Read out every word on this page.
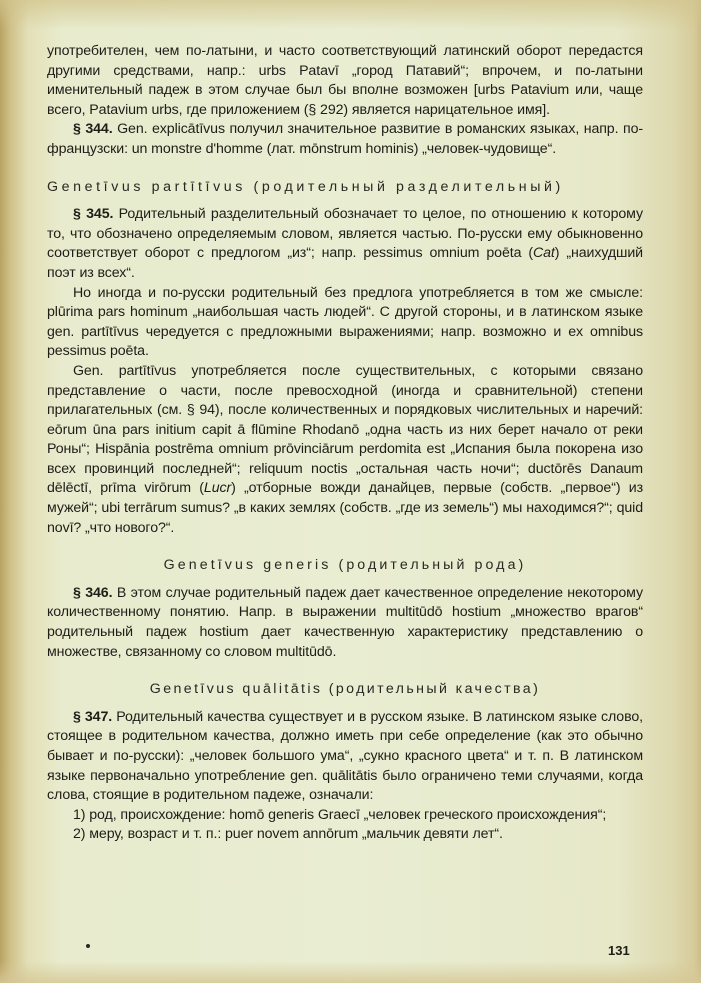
употребителен, чем по-латыни, и часто соответствующий латинский оборот передастся другими средствами, напр.: urbs Patavī „город Патавий“; впрочем, и по-латыни именительный падеж в этом случае был бы вполне возможен [urbs Patavium или, чаще всего, Patavium urbs, где приложением (§ 292) является нарицательное имя].

§ 344. Gen. explicātīvus получил значительное развитие в романских языках, напр. по-французски: un monstre d'homme (лат. mōnstrum hominis) „человек-чудовище“.

Genetīvus partītīvus (родительный разделительный)

§ 345. Родительный разделительный обозначает то целое, по отношению к которому то, что обозначено определяемым словом, является частью. По-русски ему обыкновенно соответствует оборот с предлогом „из“; напр. pessimus omnium poēta (Cat) „наихудший поэт из всех“.

Но иногда и по-русски родительный без предлога употребляется в том же смысле: plūrima pars hominum „наибольшая часть людей“. С другой стороны, и в латинском языке gen. partītīvus чередуется с предложными выражениями; напр. возможно и ex omnibus pessimus poēta.

Gen. partītīvus употребляется после существительных, с которыми связано представление о части, после превосходной (иногда и сравнительной) степени прилагательных (см. § 94), после количественных и порядковых числительных и наречий: eōrum ūna pars initium capit ā flūmine Rhodanō „одна часть из них берет начало от реки Роны“; Hispānia postrēma omnium prōvinciārum perdomita est „Испания была покорена изо всех провинций последней“; reliquum noctis „остальная часть ночи“; ductōrēs Danaum dēlēctī, prīma virōrum (Lucr) „отборные вожди данайцев, первые (собств. „первое“) из мужей“; ubi terrārum sumus? „в каких землях (собств. „где из земель“) мы находимся?“; quid novī? „что нового?“.

Genetīvus generis (родительный рода)

§ 346. В этом случае родительный падеж дает качественное определение некоторому количественному понятию. Напр. в выражении multitūdō hostium „множество врагов“ родительный падеж hostium дает качественную характеристику представлению о множестве, связанному со словом multitūdō.

Genetīvus quālitātis (родительный качества)

§ 347. Родительный качества существует и в русском языке. В латинском языке слово, стоящее в родительном качества, должно иметь при себе определение (как это обычно бывает и по-русски): „человек большого ума“, „сукно красного цвета“ и т. п. В латинском языке первоначально употребление gen. quālitātis было ограничено теми случаями, когда слова, стоящие в родительном падеже, означали:

1) род, происхождение: homō generis Graecī „человек греческого происхождения“;

2) меру, возраст и т. п.: puer novem annōrum „мальчик девяти лет“.

131
